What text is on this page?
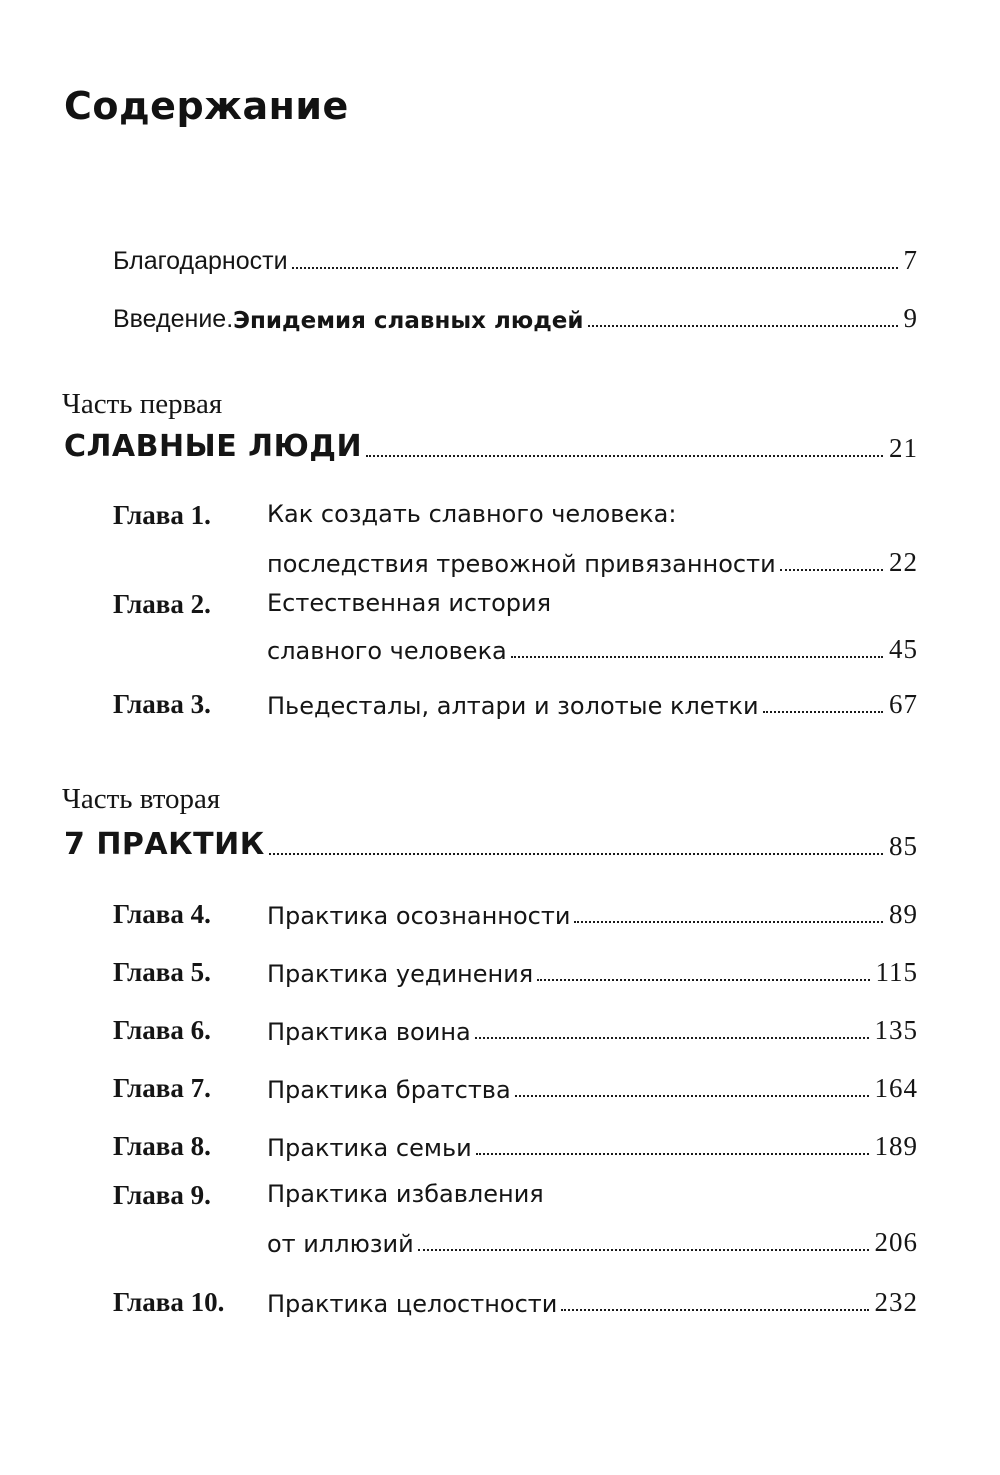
Содержание
Благодарности	7
Введение. Эпидемия славных людей	9
Часть первая
СЛАВНЫЕ ЛЮДИ	21
Глава 1. Как создать славного человека:
последствия тревожной привязанности	22
Глава 2. Естественная история
славного человека	45
Глава 3. Пьедесталы, алтари и золотые клетки	67
Часть вторая
7 ПРАКТИК	85
Глава 4. Практика осознанности	89
Глава 5. Практика уединения	115
Глава 6. Практика воина	135
Глава 7. Практика братства	164
Глава 8. Практика семьи	189
Глава 9. Практика избавления
от иллюзий	206
Глава 10. Практика целостности	232
